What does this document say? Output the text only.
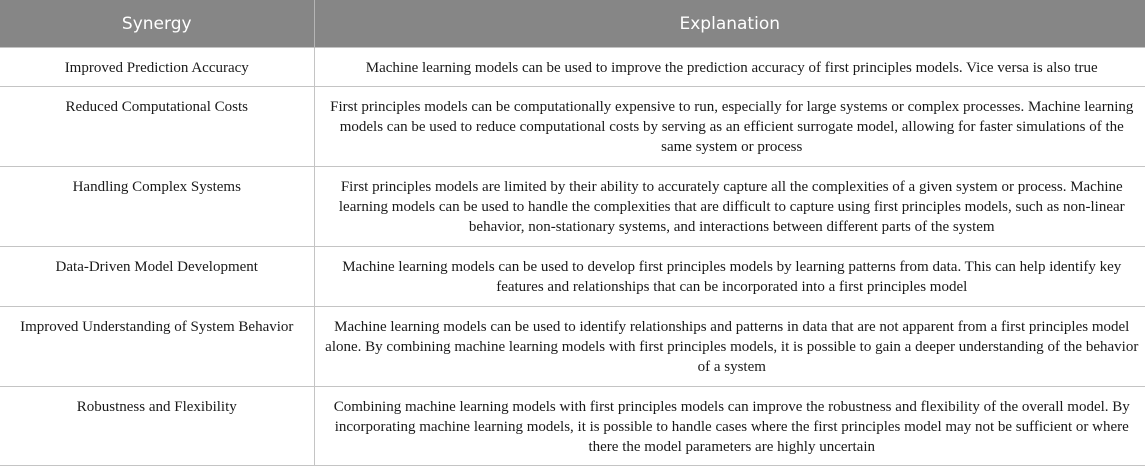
Synergy	Explanation
Improved Prediction Accuracy	Machine learning models can be used to improve the prediction accuracy of first principles models. Vice versa is also true
Reduced Computational Costs	First principles models can be computationally expensive to run, especially for large systems or complex processes. Machine learning models can be used to reduce computational costs by serving as an efficient surrogate model, allowing for faster simulations of the same system or process
Handling Complex Systems	First principles models are limited by their ability to accurately capture all the complexities of a given system or process. Machine learning models can be used to handle the complexities that are difficult to capture using first principles models, such as non-linear behavior, non-stationary systems, and interactions between different parts of the system
Data-Driven Model Development	Machine learning models can be used to develop first principles models by learning patterns from data. This can help identify key features and relationships that can be incorporated into a first principles model
Improved Understanding of System Behavior	Machine learning models can be used to identify relationships and patterns in data that are not apparent from a first principles model alone. By combining machine learning models with first principles models, it is possible to gain a deeper understanding of the behavior of a system
Robustness and Flexibility	Combining machine learning models with first principles models can improve the robustness and flexibility of the overall model. By incorporating machine learning models, it is possible to handle cases where the first principles model may not be sufficient or where there the model parameters are highly uncertain
